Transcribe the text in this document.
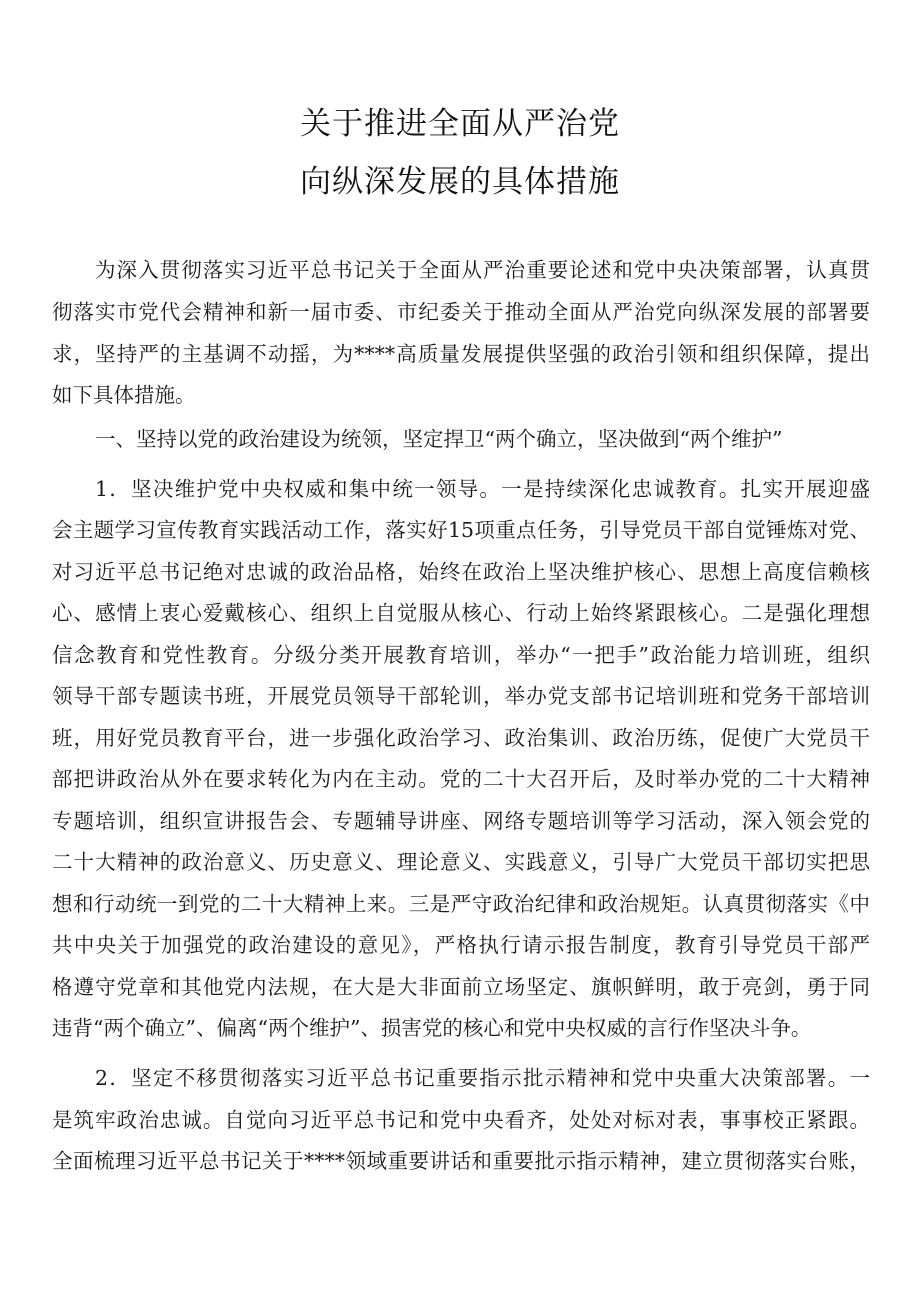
关于推进全面从严治党
向纵深发展的具体措施
为深入贯彻落实习近平总书记关于全面从严治重要论述和党中央决策部署，认真贯
彻落实市党代会精神和新一届市委、市纪委关于推动全面从严治党向纵深发展的部署要
求，坚持严的主基调不动摇，为****高质量发展提供坚强的政治引领和组织保障，提出
如下具体措施。
一、坚持以党的政治建设为统领，坚定捍卫“两个确立，坚决做到“两个维护”
1．坚决维护党中央权威和集中统一领导。一是持续深化忠诚教育。扎实开展迎盛
会主题学习宣传教育实践活动工作，落实好15项重点任务，引导党员干部自觉锤炼对党、
对习近平总书记绝对忠诚的政治品格，始终在政治上坚决维护核心、思想上高度信赖核
心、感情上衷心爱戴核心、组织上自觉服从核心、行动上始终紧跟核心。二是强化理想
信念教育和党性教育。分级分类开展教育培训，举办“一把手”政治能力培训班，组织
领导干部专题读书班，开展党员领导干部轮训，举办党支部书记培训班和党务干部培训
班，用好党员教育平台，进一步强化政治学习、政治集训、政治历练，促使广大党员干
部把讲政治从外在要求转化为内在主动。党的二十大召开后，及时举办党的二十大精神
专题培训，组织宣讲报告会、专题辅导讲座、网络专题培训等学习活动，深入领会党的
二十大精神的政治意义、历史意义、理论意义、实践意义，引导广大党员干部切实把思
想和行动统一到党的二十大精神上来。三是严守政治纪律和政治规矩。认真贯彻落实《中
共中央关于加强党的政治建设的意见》，严格执行请示报告制度，教育引导党员干部严
格遵守党章和其他党内法规，在大是大非面前立场坚定、旗帜鲜明，敢于亮剑，勇于同
违背“两个确立”、偏离“两个维护”、损害党的核心和党中央权威的言行作坚决斗争。
2．坚定不移贯彻落实习近平总书记重要指示批示精神和党中央重大决策部署。一
是筑牢政治忠诚。自觉向习近平总书记和党中央看齐，处处对标对表，事事校正紧跟。
全面梳理习近平总书记关于****领域重要讲话和重要批示指示精神，建立贯彻落实台账，
